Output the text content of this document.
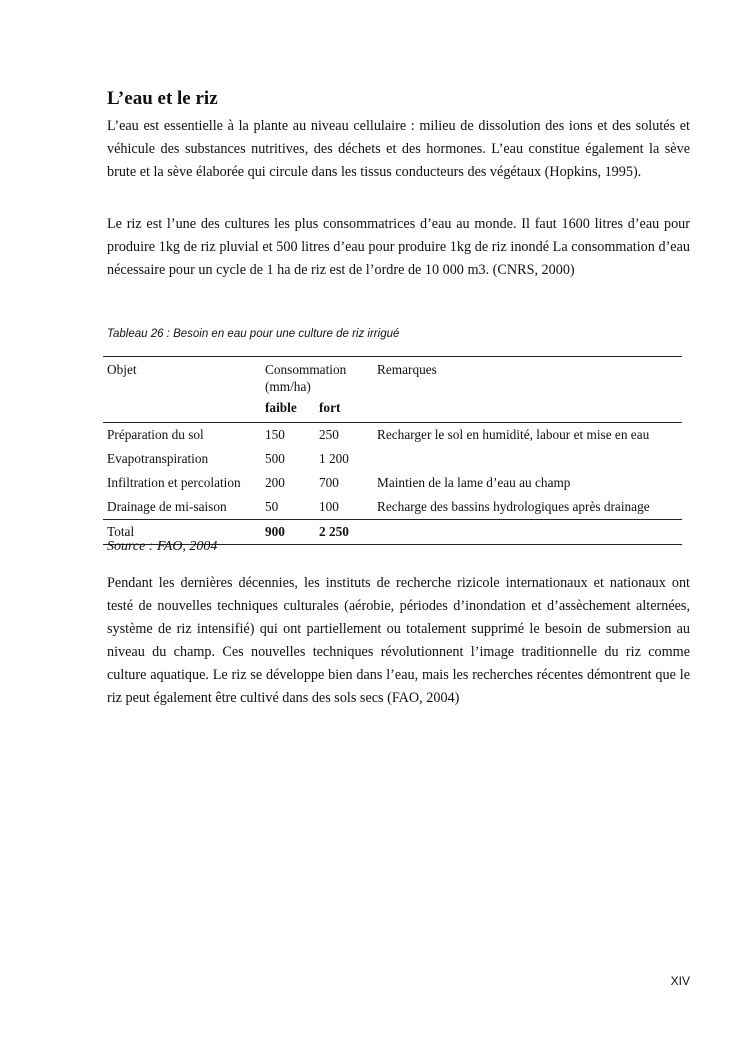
L’eau et le riz

L’eau est essentielle à la plante au niveau cellulaire : milieu de dissolution des ions et des solutés et véhicule des substances nutritives, des déchets et des hormones. L’eau constitue également la sève brute et la sève élaborée qui circule dans les tissus conducteurs des végétaux (Hopkins, 1995).

Le riz est l’une des cultures les plus consommatrices d’eau au monde. Il faut 1600 litres d’eau pour produire 1kg de riz pluvial et 500 litres d’eau pour produire 1kg de riz inondé La consommation d’eau nécessaire pour un cycle de 1 ha de riz est de l’ordre de 10 000 m3. (CNRS, 2000)

Tableau 26 : Besoin en eau pour une culture de riz irrigué
Objet	Consommation (mm/ha)		Remarques
	faible	fort	
Préparation du sol	150	250	Recharger le sol en humidité, labour et mise en eau
Evapotranspiration	500	1 200	
Infiltration et percolation	200	700	Maintien de la lame d’eau au champ
Drainage de mi-saison	50	100	Recharge des bassins hydrologiques après drainage
Total	900	2 250	
Source : FAO, 2004

Pendant les dernières décennies, les instituts de recherche rizicole internationaux et nationaux ont testé de nouvelles techniques culturales (aérobie, périodes d’inondation et d’assèchement alternées, système de riz intensifié) qui ont partiellement ou totalement supprimé le besoin de submersion au niveau du champ. Ces nouvelles techniques révolutionnent l’image traditionnelle du riz comme culture aquatique. Le riz se développe bien dans l’eau, mais les recherches récentes démontrent que le riz peut également être cultivé dans des sols secs (FAO, 2004)

XIV
